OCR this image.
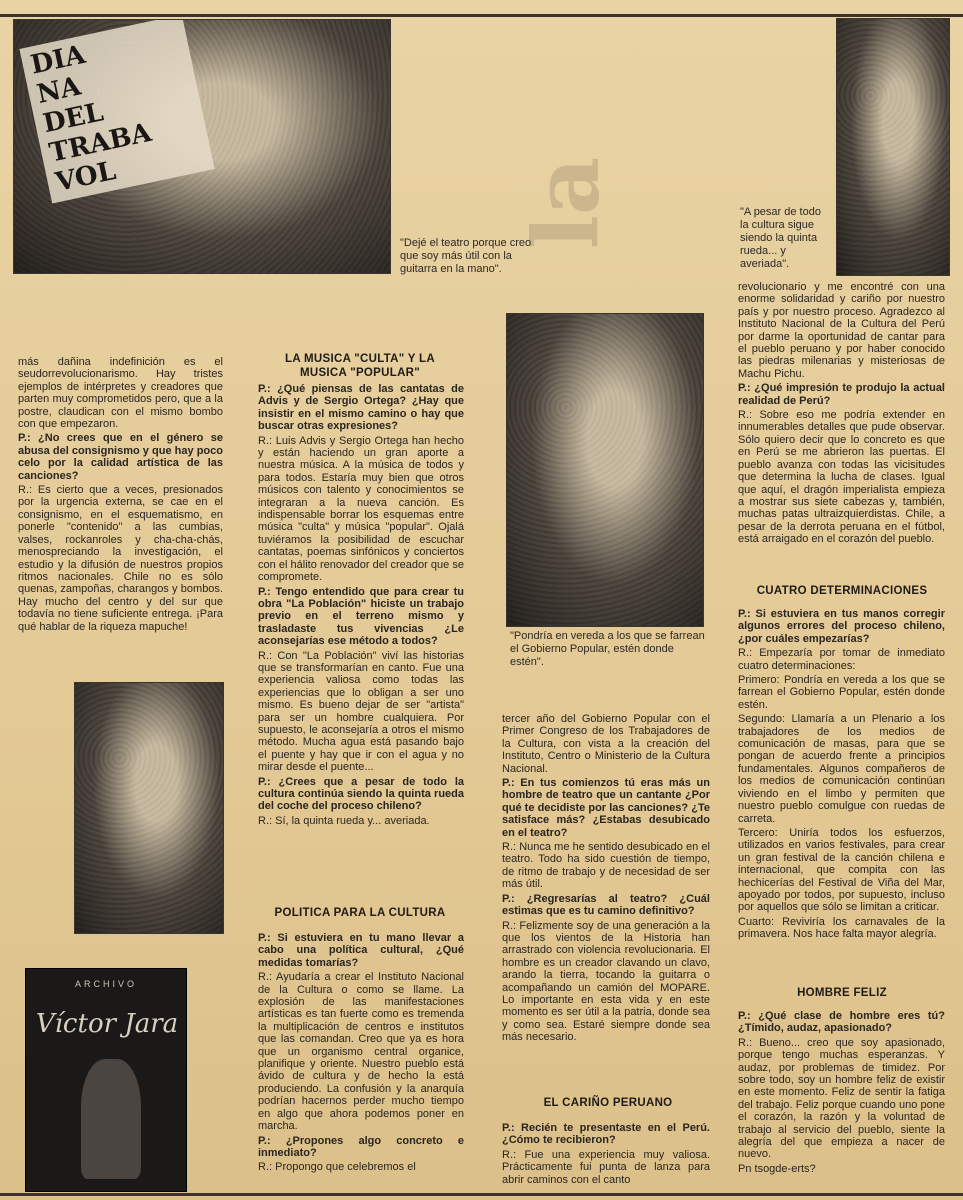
la
DIA NA DEL TRABA VOL
"Dejé el teatro porque creo que soy más útil con la guitarra en la mano".
"A pesar de todo la cultura sigue siendo la quinta rueda... y averiada".
"Pondría en vereda a los que se farrean el Gobierno Popular, estén donde estén".
ARCHIVO
Víctor Jara

más dañina indefinición es el seudorrevolucionarismo. Hay tristes ejemplos de intérpretes y creadores que parten muy comprometidos pero, que a la postre, claudican con el mismo bombo con que empezaron.

P.: ¿No crees que en el género se abusa del consignismo y que hay poco celo por la calidad artística de las canciones?

R.: Es cierto que a veces, presionados por la urgencia externa, se cae en el consignismo, en el esquematismo, en ponerle "contenido" a las cumbias, valses, rockanroles y cha-cha-chás, menospreciando la investigación, el estudio y la difusión de nuestros propios ritmos nacionales. Chile no es sólo quenas, zampoñas, charangos y bombos. Hay mucho del centro y del sur que todavía no tiene suficiente entrega. ¡Para qué hablar de la riqueza mapuche!

LA MUSICA "CULTA" Y LA MUSICA "POPULAR"

P.: ¿Qué piensas de las cantatas de Advis y de Sergio Ortega? ¿Hay que insistir en el mismo camino o hay que buscar otras expresiones?

R.: Luis Advis y Sergio Ortega han hecho y están haciendo un gran aporte a nuestra música. A la música de todos y para todos. Estaría muy bien que otros músicos con talento y conocimientos se integraran a la nueva canción. Es indispensable borrar los esquemas entre música "culta" y música "popular". Ojalá tuviéramos la posibilidad de escuchar cantatas, poemas sinfónicos y conciertos con el hálito renovador del creador que se compromete.

P.: Tengo entendido que para crear tu obra "La Población" hiciste un trabajo previo en el terreno mismo y trasladaste tus vivencias ¿Le aconsejarías ese método a todos?

R.: Con "La Población" viví las historias que se transformarían en canto. Fue una experiencia valiosa como todas las experiencias que lo obligan a ser uno mismo. Es bueno dejar de ser "artista" para ser un hombre cualquiera. Por supuesto, le aconsejaría a otros el mismo método. Mucha agua está pasando bajo el puente y hay que ir con el agua y no mirar desde el puente...

P.: ¿Crees que a pesar de todo la cultura continúa siendo la quinta rueda del coche del proceso chileno?

R.: Sí, la quinta rueda y... averiada.

POLITICA PARA LA CULTURA

P.: Si estuviera en tu mano llevar a cabo una política cultural, ¿Qué medidas tomarías?

R.: Ayudaría a crear el Instituto Nacional de la Cultura o como se llame. La explosión de las manifestaciones artísticas es tan fuerte como es tremenda la multiplicación de centros e institutos que las comandan. Creo que ya es hora que un organismo central organice, planifique y oriente. Nuestro pueblo está ávido de cultura y de hecho la está produciendo. La confusión y la anarquía podrían hacernos perder mucho tiempo en algo que ahora podemos poner en marcha.

P.: ¿Propones algo concreto e inmediato?

R.: Propongo que celebremos el

tercer año del Gobierno Popular con el Primer Congreso de los Trabajadores de la Cultura, con vista a la creación del Instituto, Centro o Ministerio de la Cultura Nacional.

P.: En tus comienzos tú eras más un hombre de teatro que un cantante ¿Por qué te decidiste por las canciones? ¿Te satisface más? ¿Estabas desubicado en el teatro?

R.: Nunca me he sentido desubicado en el teatro. Todo ha sido cuestión de tiempo, de ritmo de trabajo y de necesidad de ser más útil.

P.: ¿Regresarías al teatro? ¿Cuál estimas que es tu camino definitivo?

R.: Felizmente soy de una generación a la que los vientos de la Historia han arrastrado con violencia revolucionaria. El hombre es un creador clavando un clavo, arando la tierra, tocando la guitarra o acompañando un camión del MOPARE. Lo importante en esta vida y en este momento es ser útil a la patria, donde sea y como sea. Estaré siempre donde sea más necesario.

EL CARIÑO PERUANO

P.: Recién te presentaste en el Perú. ¿Cómo te recibieron?

R.: Fue una experiencia muy valiosa. Prácticamente fui punta de lanza para abrir caminos con el canto

revolucionario y me encontré con una enorme solidaridad y cariño por nuestro país y por nuestro proceso. Agradezco al Instituto Nacional de la Cultura del Perú por darme la oportunidad de cantar para el pueblo peruano y por haber conocido las piedras milenarias y misteriosas de Machu Pichu.

P.: ¿Qué impresión te produjo la actual realidad de Perú?

R.: Sobre eso me podría extender en innumerables detalles que pude observar. Sólo quiero decir que lo concreto es que en Perú se me abrieron las puertas. El pueblo avanza con todas las vicisitudes que determina la lucha de clases. Igual que aquí, el dragón imperialista empieza a mostrar sus siete cabezas y, también, muchas patas ultraizquierdistas. Chile, a pesar de la derrota peruana en el fútbol, está arraigado en el corazón del pueblo.

CUATRO DETERMINACIONES

P.: Si estuviera en tus manos corregir algunos errores del proceso chileno, ¿por cuáles empezarías?

R.: Empezaría por tomar de inmediato cuatro determinaciones:

Primero: Pondría en vereda a los que se farrean el Gobierno Popular, estén donde estén.

Segundo: Llamaría a un Plenario a los trabajadores de los medios de comunicación de masas, para que se pongan de acuerdo frente a principios fundamentales. Algunos compañeros de los medios de comunicación continúan viviendo en el limbo y permiten que nuestro pueblo comulgue con ruedas de carreta.

Tercero: Uniría todos los esfuerzos, utilizados en varios festivales, para crear un gran festival de la canción chilena e internacional, que compita con las hechicerías del Festival de Viña del Mar, apoyado por todos, por supuesto, incluso por aquellos que sólo se limitan a criticar.

Cuarto: Reviviría los carnavales de la primavera. Nos hace falta mayor alegría.

HOMBRE FELIZ

P.: ¿Qué clase de hombre eres tú? ¿Tímido, audaz, apasionado?

R.: Bueno... creo que soy apasionado, porque tengo muchas esperanzas. Y audaz, por problemas de timidez. Por sobre todo, soy un hombre feliz de existir en este momento. Feliz de sentir la fatiga del trabajo. Feliz porque cuando uno pone el corazón, la razón y la voluntad de trabajo al servicio del pueblo, siente la alegría del que empieza a nacer de nuevo.

Pn tsogde-erts?
